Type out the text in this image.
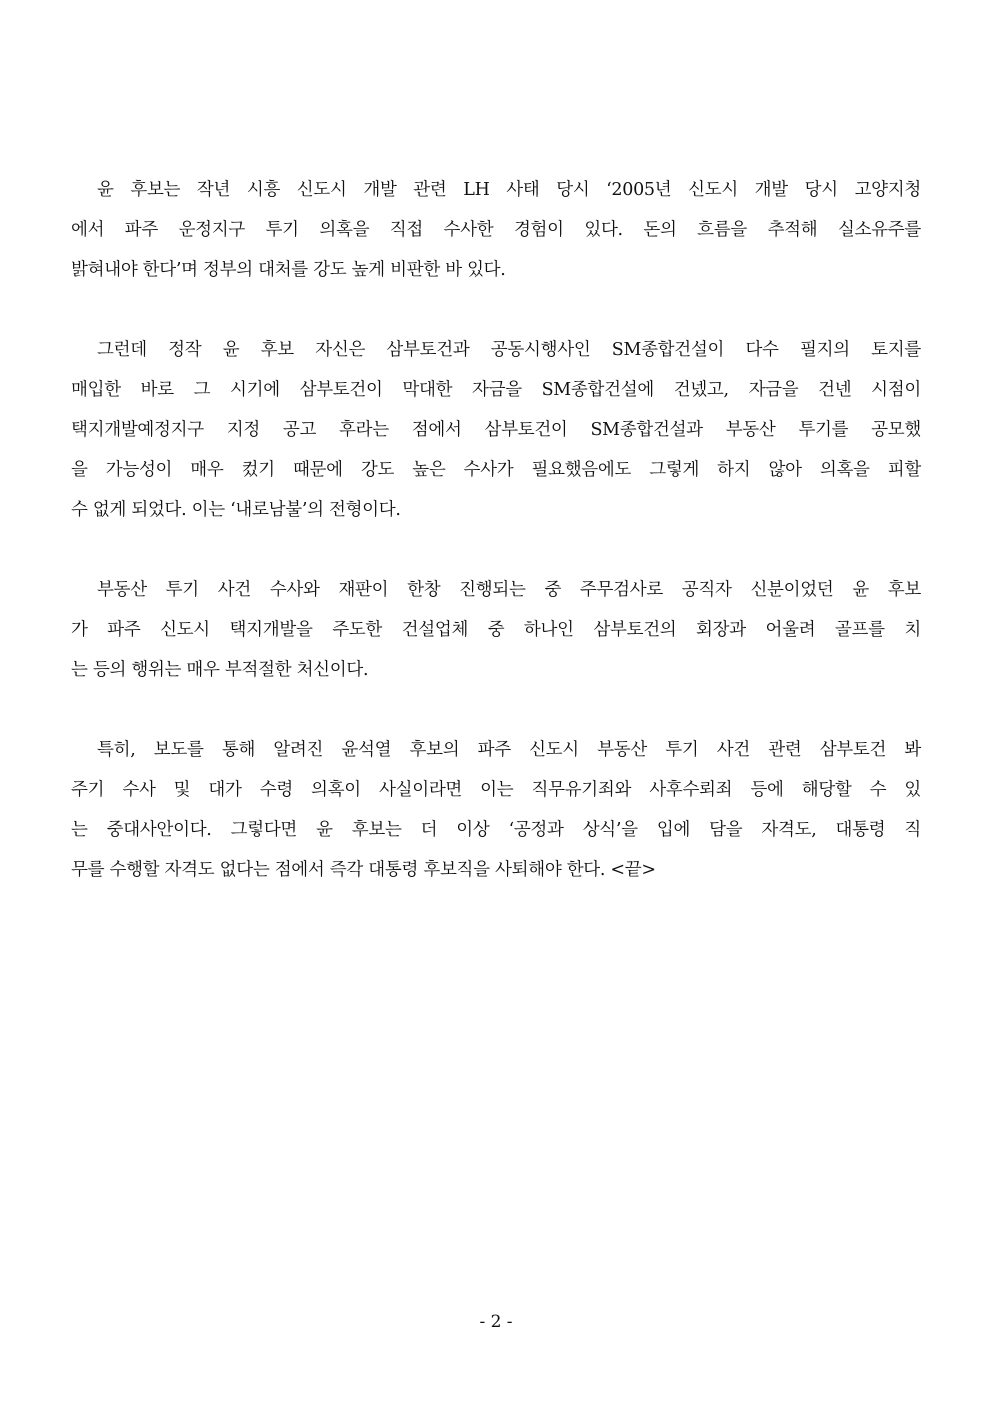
윤 후보는 작년 시흥 신도시 개발 관련 LH 사태 당시 ‘2005년 신도시 개발 당시 고양지청
에서 파주 운정지구 투기 의혹을 직접 수사한 경험이 있다. 돈의 흐름을 추적해 실소유주를
밝혀내야 한다’며 정부의 대처를 강도 높게 비판한 바 있다.
그런데 정작 윤 후보 자신은 삼부토건과 공동시행사인 SM종합건설이 다수 필지의 토지를
매입한 바로 그 시기에 삼부토건이 막대한 자금을 SM종합건설에 건넸고, 자금을 건넨 시점이
택지개발예정지구 지정 공고 후라는 점에서 삼부토건이 SM종합건설과 부동산 투기를 공모했
을 가능성이 매우 컸기 때문에 강도 높은 수사가 필요했음에도 그렇게 하지 않아 의혹을 피할
수 없게 되었다. 이는 ‘내로남불’의 전형이다.
부동산 투기 사건 수사와 재판이 한창 진행되는 중 주무검사로 공직자 신분이었던 윤 후보
가 파주 신도시 택지개발을 주도한 건설업체 중 하나인 삼부토건의 회장과 어울려 골프를 치
는 등의 행위는 매우 부적절한 처신이다.
특히, 보도를 통해 알려진 윤석열 후보의 파주 신도시 부동산 투기 사건 관련 삼부토건 봐
주기 수사 및 대가 수령 의혹이 사실이라면 이는 직무유기죄와 사후수뢰죄 등에 해당할 수 있
는 중대사안이다. 그렇다면 윤 후보는 더 이상 ‘공정과 상식’을 입에 담을 자격도, 대통령 직
무를 수행할 자격도 없다는 점에서 즉각 대통령 후보직을 사퇴해야 한다. <끝>
- 2 -
